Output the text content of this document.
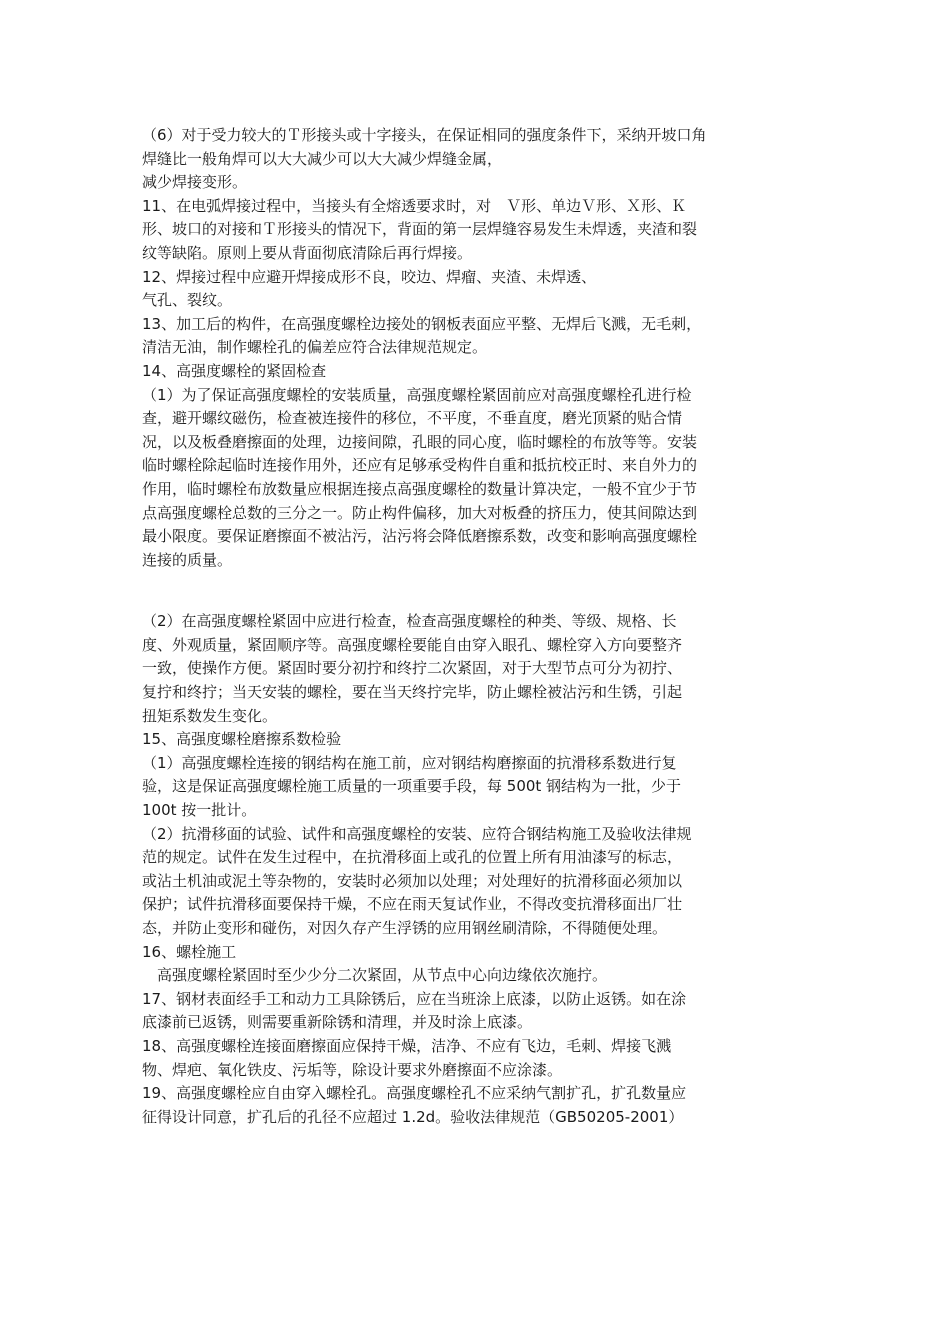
（6）对于受力较大的Ｔ形接头或十字接头，在保证相同的强度条件下，采纳开坡口角
焊缝比一般角焊可以大大减少可以大大减少焊缝金属，
减少焊接变形。
11、在电弧焊接过程中，当接头有全熔透要求时，对　Ｖ形、单边Ｖ形、Ｘ形、Ｋ
形、坡口的对接和Ｔ形接头的情况下，背面的第一层焊缝容易发生未焊透，夹渣和裂
纹等缺陷。原则上要从背面彻底清除后再行焊接。
12、焊接过程中应避开焊接成形不良，咬边、焊瘤、夹渣、未焊透、
气孔、裂纹。
13、加工后的构件，在高强度螺栓边接处的钢板表面应平整、无焊后飞溅，无毛刺，
清洁无油，制作螺栓孔的偏差应符合法律规范规定。
14、高强度螺栓的紧固检查
（1）为了保证高强度螺栓的安装质量，高强度螺栓紧固前应对高强度螺栓孔进行检
查，避开螺纹磁伤，检查被连接件的移位，不平度，不垂直度，磨光顶紧的贴合情
况，以及板叠磨擦面的处理，边接间隙，孔眼的同心度，临时螺栓的布放等等。安装
临时螺栓除起临时连接作用外，还应有足够承受构件自重和抵抗校正时、来自外力的
作用，临时螺栓布放数量应根据连接点高强度螺栓的数量计算决定，一般不宜少于节
点高强度螺栓总数的三分之一。防止构件偏移，加大对板叠的挤压力，使其间隙达到
最小限度。要保证磨擦面不被沾污，沾污将会降低磨擦系数，改变和影响高强度螺栓
连接的质量。
（2）在高强度螺栓紧固中应进行检查，检查高强度螺栓的种类、等级、规格、长
度、外观质量，紧固顺序等。高强度螺栓要能自由穿入眼孔、螺栓穿入方向要整齐
一致，使操作方便。紧固时要分初拧和终拧二次紧固，对于大型节点可分为初拧、
复拧和终拧；当天安装的螺栓，要在当天终拧完毕，防止螺栓被沾污和生锈，引起
扭矩系数发生变化。
15、高强度螺栓磨擦系数检验
（1）高强度螺栓连接的钢结构在施工前，应对钢结构磨擦面的抗滑移系数进行复
验，这是保证高强度螺栓施工质量的一项重要手段，每 500t 钢结构为一批，少于
100t 按一批计。
（2）抗滑移面的试验、试件和高强度螺栓的安装、应符合钢结构施工及验收法律规
范的规定。试件在发生过程中，在抗滑移面上或孔的位置上所有用油漆写的标志，
或沾土机油或泥土等杂物的，安装时必须加以处理；对处理好的抗滑移面必须加以
保护；试件抗滑移面要保持干燥，不应在雨天复试作业，不得改变抗滑移面出厂壮
态，并防止变形和碰伤，对因久存产生浮锈的应用钢丝刷清除，不得随便处理。
16、螺栓施工
　高强度螺栓紧固时至少少分二次紧固，从节点中心向边缘依次施拧。
17、钢材表面经手工和动力工具除锈后，应在当班涂上底漆，以防止返锈。如在涂
底漆前已返锈，则需要重新除锈和清理，并及时涂上底漆。
18、高强度螺栓连接面磨擦面应保持干燥，洁净、不应有飞边，毛刺、焊接飞溅
物、焊疤、氧化铁皮、污垢等，除设计要求外磨擦面不应涂漆。
19、高强度螺栓应自由穿入螺栓孔。高强度螺栓孔不应采纳气割扩孔，扩孔数量应
征得设计同意，扩孔后的孔径不应超过 1.2d。验收法律规范（GB50205-2001）
